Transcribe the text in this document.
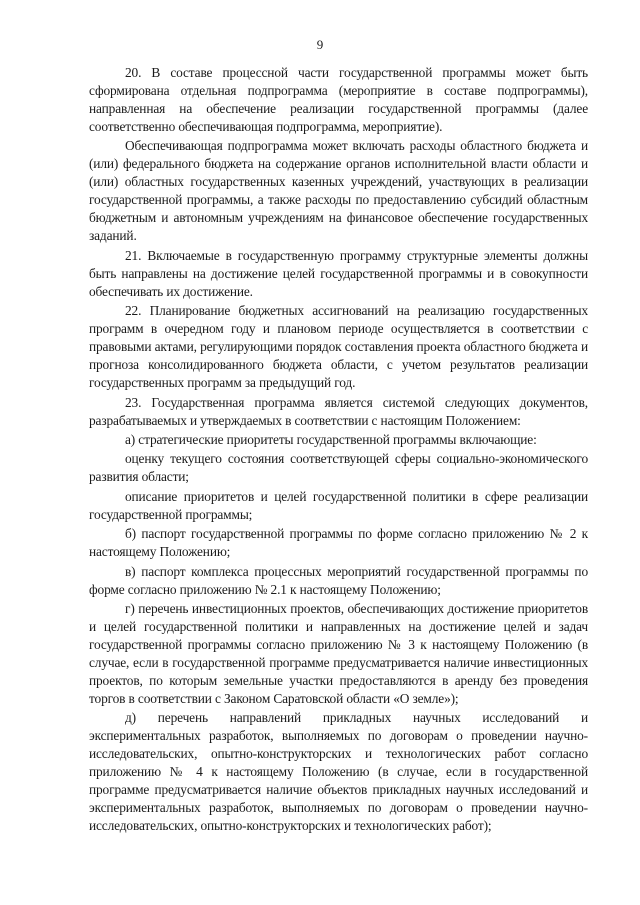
9

20. В составе процессной части государственной программы может быть сформирована отдельная подпрограмма (мероприятие в составе подпрограммы), направленная на обеспечение реализации государственной программы (далее соответственно обеспечивающая подпрограмма, мероприятие).

Обеспечивающая подпрограмма может включать расходы областного бюджета и (или) федерального бюджета на содержание органов исполнительной власти области и (или) областных государственных казенных учреждений, участвующих в реализации государственной программы, а также расходы по предоставлению субсидий областным бюджетным и автономным учреждениям на финансовое обеспечение государственных заданий.

21. Включаемые в государственную программу структурные элементы должны быть направлены на достижение целей государственной программы и в совокупности обеспечивать их достижение.

22. Планирование бюджетных ассигнований на реализацию государственных программ в очередном году и плановом периоде осуществляется в соответствии с правовыми актами, регулирующими порядок составления проекта областного бюджета и прогноза консолидированного бюджета области, с учетом результатов реализации государственных программ за предыдущий год.

23. Государственная программа является системой следующих документов, разрабатываемых и утверждаемых в соответствии с настоящим Положением:

а) стратегические приоритеты государственной программы включающие:

оценку текущего состояния соответствующей сферы социально-экономического развития области;

описание приоритетов и целей государственной политики в сфере реализации государственной программы;

б) паспорт государственной программы по форме согласно приложению № 2 к настоящему Положению;

в) паспорт комплекса процессных мероприятий государственной программы по форме согласно приложению № 2.1 к настоящему Положению;

г) перечень инвестиционных проектов, обеспечивающих достижение приоритетов и целей государственной политики и направленных на достижение целей и задач государственной программы согласно приложению № 3 к настоящему Положению (в случае, если в государственной программе предусматривается наличие инвестиционных проектов, по которым земельные участки предоставляются в аренду без проведения торгов в соответствии с Законом Саратовской области «О земле»);

д) перечень направлений прикладных научных исследований и экспериментальных разработок, выполняемых по договорам о проведении научно-исследовательских, опытно-конструкторских и технологических работ согласно приложению № 4 к настоящему Положению (в случае, если в государственной программе предусматривается наличие объектов прикладных научных исследований и экспериментальных разработок, выполняемых по договорам о проведении научно-исследовательских, опытно-конструкторских и технологических работ);
